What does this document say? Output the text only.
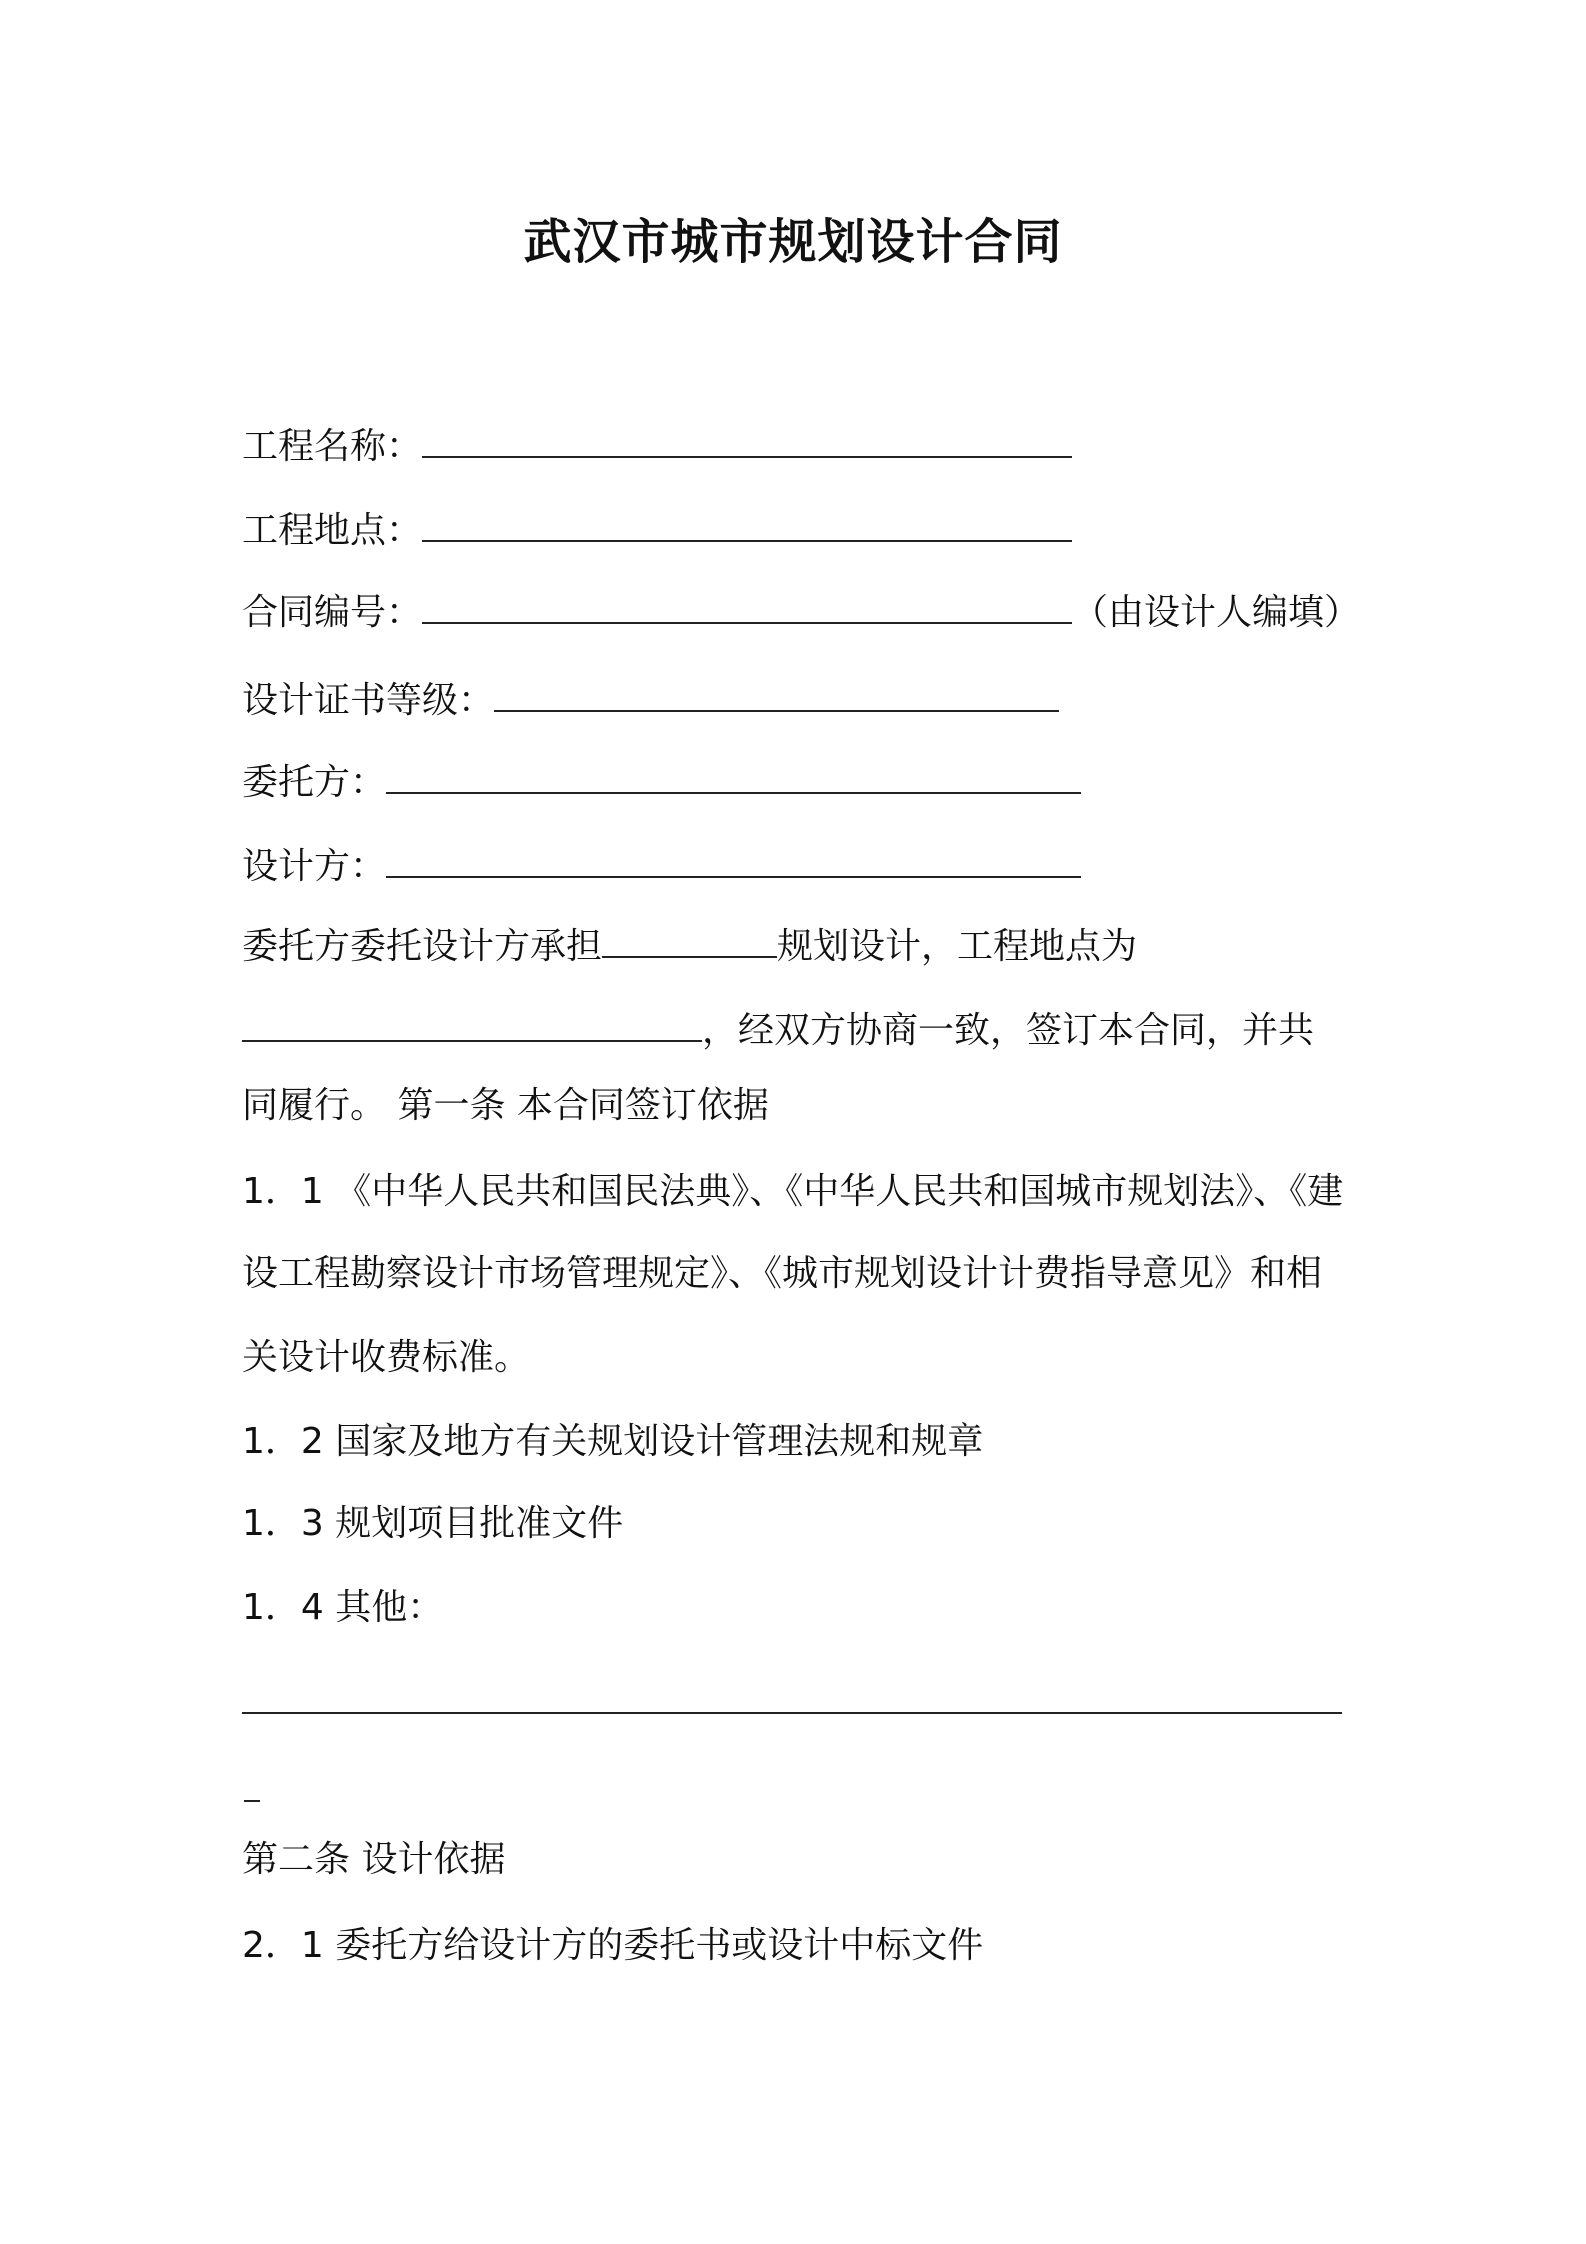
武汉市城市规划设计合同
工程名称：
工程地点：
合同编号：	（由设计人编填）
设计证书等级：
委托方：
设计方：
委托方委托设计方承担	规划设计，工程地点为
，经双方协商一致，签订本合同，并共
同履行。 第一条 本合同签订依据
1．1 《中华人民共和国民法典》、《中华人民共和国城市规划法》、《建
设工程勘察设计市场管理规定》、《城市规划设计计费指导意见》和相
关设计收费标准。
1．2 国家及地方有关规划设计管理法规和规章
1．3 规划项目批准文件
1．4 其他：
第二条 设计依据
2．1 委托方给设计方的委托书或设计中标文件
